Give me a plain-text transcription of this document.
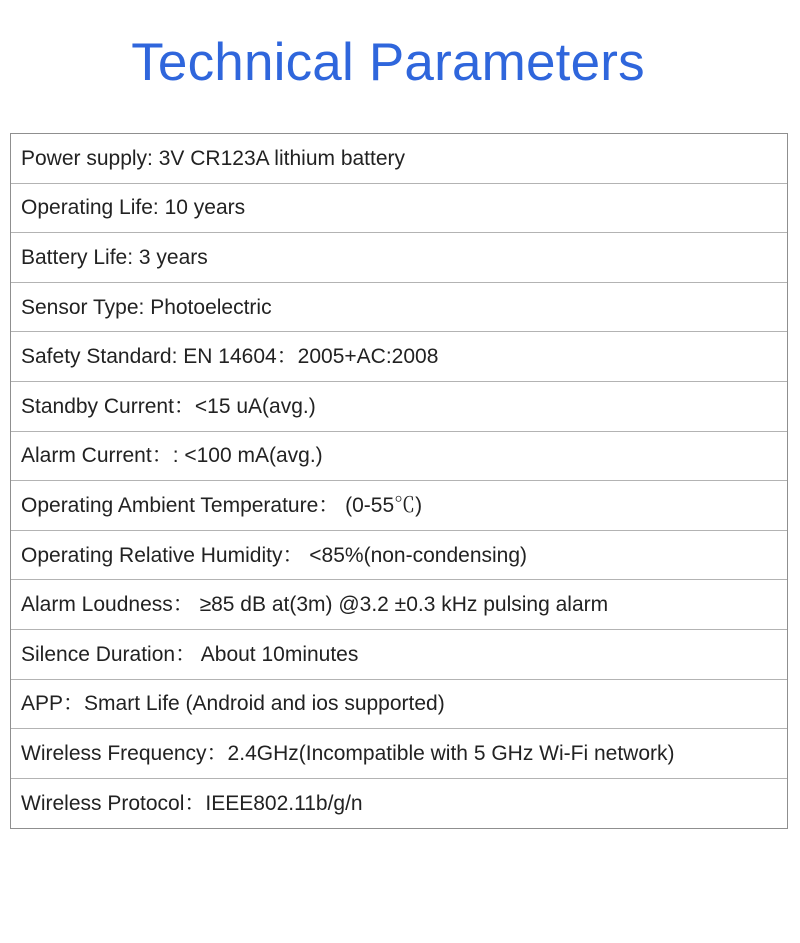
Technical Parameters
Power supply: 3V CR123A lithium battery
Operating Life: 10 years
Battery Life: 3 years
Sensor Type: Photoelectric
Safety Standard: EN 14604：2005+AC:2008
Standby Current：<15 uA(avg.)
Alarm Current：: <100 mA(avg.)
Operating Ambient Temperature： (0-55℃)
Operating Relative Humidity： <85%(non-condensing)
Alarm Loudness： ≥85 dB at(3m) @3.2 ±0.3 kHz pulsing alarm
Silence Duration： About 10minutes
APP：Smart Life (Android and ios supported)
Wireless Frequency：2.4GHz(Incompatible with 5 GHz Wi-Fi network)
Wireless Protocol：IEEE802.11b/g/n
